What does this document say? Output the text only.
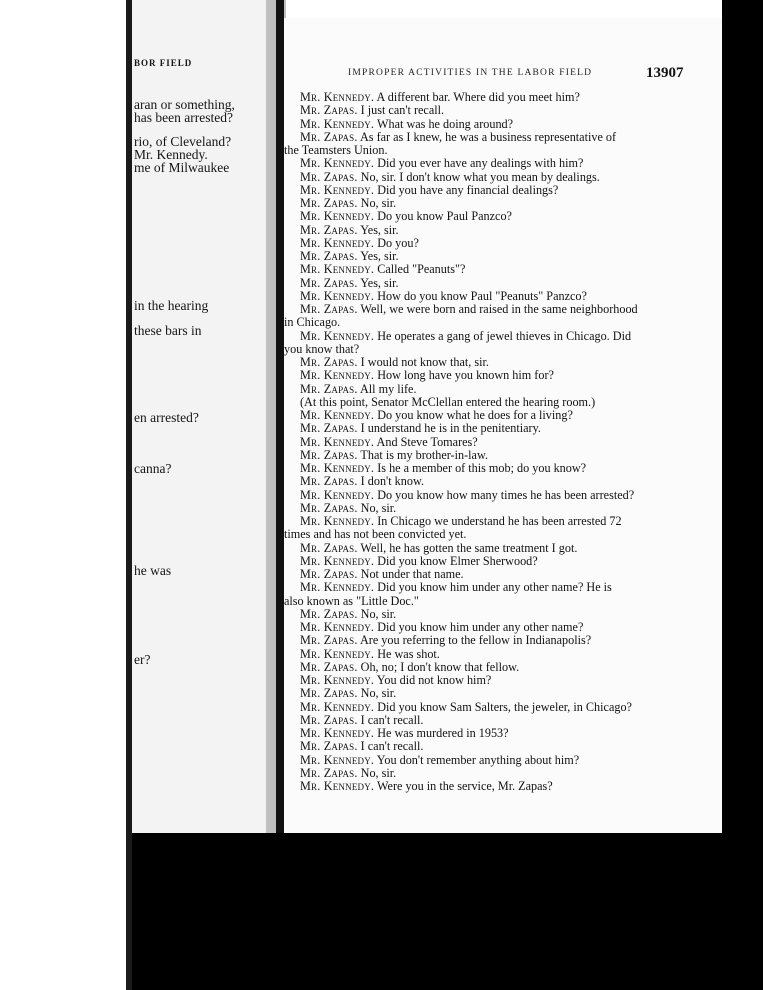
BOR FIELD
aran or something,
has been arrested?
rio, of Cleveland?
Mr. Kennedy.
me of Milwaukee
in the hearing
these bars in
en arrested?
canna?
he was
er?
IMPROPER ACTIVITIES IN THE LABOR FIELD	13907
Mr. Kennedy. A different bar. Where did you meet him?
Mr. Zapas. I just can't recall.
Mr. Kennedy. What was he doing around?
Mr. Zapas. As far as I knew, he was a business representative of
the Teamsters Union.
Mr. Kennedy. Did you ever have any dealings with him?
Mr. Zapas. No, sir. I don't know what you mean by dealings.
Mr. Kennedy. Did you have any financial dealings?
Mr. Zapas. No, sir.
Mr. Kennedy. Do you know Paul Panzco?
Mr. Zapas. Yes, sir.
Mr. Kennedy. Do you?
Mr. Zapas. Yes, sir.
Mr. Kennedy. Called "Peanuts"?
Mr. Zapas. Yes, sir.
Mr. Kennedy. How do you know Paul "Peanuts" Panzco?
Mr. Zapas. Well, we were born and raised in the same neighborhood
in Chicago.
Mr. Kennedy. He operates a gang of jewel thieves in Chicago. Did
you know that?
Mr. Zapas. I would not know that, sir.
Mr. Kennedy. How long have you known him for?
Mr. Zapas. All my life.
(At this point, Senator McClellan entered the hearing room.)
Mr. Kennedy. Do you know what he does for a living?
Mr. Zapas. I understand he is in the penitentiary.
Mr. Kennedy. And Steve Tomares?
Mr. Zapas. That is my brother-in-law.
Mr. Kennedy. Is he a member of this mob; do you know?
Mr. Zapas. I don't know.
Mr. Kennedy. Do you know how many times he has been arrested?
Mr. Zapas. No, sir.
Mr. Kennedy. In Chicago we understand he has been arrested 72
times and has not been convicted yet.
Mr. Zapas. Well, he has gotten the same treatment I got.
Mr. Kennedy. Did you know Elmer Sherwood?
Mr. Zapas. Not under that name.
Mr. Kennedy. Did you know him under any other name? He is
also known as "Little Doc."
Mr. Zapas. No, sir.
Mr. Kennedy. Did you know him under any other name?
Mr. Zapas. Are you referring to the fellow in Indianapolis?
Mr. Kennedy. He was shot.
Mr. Zapas. Oh, no; I don't know that fellow.
Mr. Kennedy. You did not know him?
Mr. Zapas. No, sir.
Mr. Kennedy. Did you know Sam Salters, the jeweler, in Chicago?
Mr. Zapas. I can't recall.
Mr. Kennedy. He was murdered in 1953?
Mr. Zapas. I can't recall.
Mr. Kennedy. You don't remember anything about him?
Mr. Zapas. No, sir.
Mr. Kennedy. Were you in the service, Mr. Zapas?
